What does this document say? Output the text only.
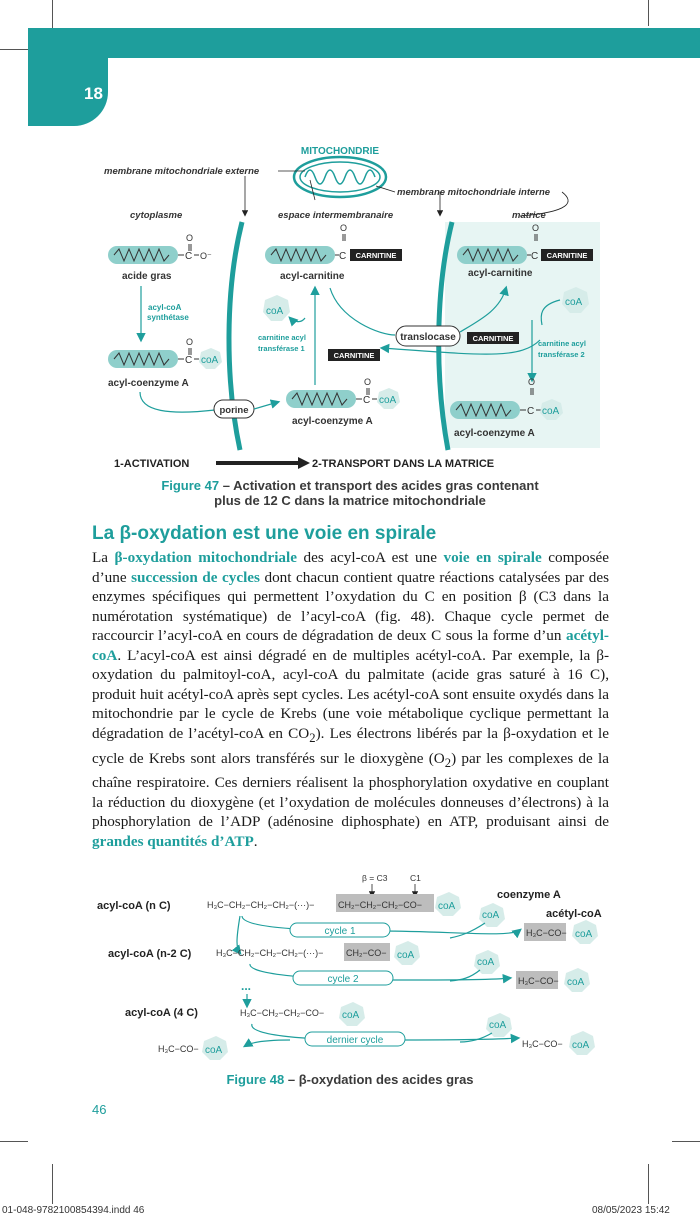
18
MITOCHONDRIE
membrane mitochondriale externe
membrane mitochondriale interne
cytoplasme	espace intermembranaire	matrice
C
O
O⁻
acide gras
acyl-coA
synthétase
C
O
coA
acyl-coenzyme A
porine
C
O
coA
acyl-coenzyme A
carnitine acyl
transférase 1
CARNITINE
coA
C
O
CARNITINE
acyl-carnitine
translocase CARNITINE
C
O
CARNITINE
acyl-carnitine
coA
carnitine acyl
transférase 2
C
O
coA
acyl-coenzyme A
1-ACTIVATION	2-TRANSPORT DANS LA MATRICE
Figure 47 – Activation et transport des acides gras contenant
plus de 12 C dans la matrice mitochondriale
La β-oxydation est une voie en spirale

La β-oxydation mitochondriale des acyl-coA est une voie en spirale composée d’une succession de cycles dont chacun contient quatre réactions catalysées par des enzymes spécifiques qui permettent l’oxydation du C en position β (C3 dans la numérotation systématique) de l’acyl-coA (fig. 48). Chaque cycle permet de raccourcir l’acyl-coA en cours de dégradation de deux C sous la forme d’un acétyl-coA. L’acyl-coA est ainsi dégradé en de multiples acétyl-coA. Par exemple, la β-oxydation du palmitoyl-coA, acyl-coA du palmitate (acide gras saturé à 16 C), produit huit acétyl-coA après sept cycles. Les acétyl-coA sont ensuite oxydés dans la mitochondrie par le cycle de Krebs (une voie métabolique cyclique permettant la dégradation de l’acétyl-coA en $CO_2$). Les électrons libérés par la β-oxydation et le cycle de Krebs sont alors transférés sur le dioxygène $(O_2)$ par les complexes de la chaîne respiratoire. Ces derniers réalisent la phosphorylation oxydative en couplant la réduction du dioxygène (et l’oxydation de molécules donneuses d’électrons) à la phosphorylation de l’ADP (adénosine diphosphate) en ATP, produisant ainsi de grandes quantités d’ATP.

acyl-coA (n C)
acyl-coA (n-2 C)
acyl-coA (4 C)
β = C3	C1
H₃C−CH₂−CH₂−CH₂−(···)−	CH₂−CH₂−CH₂−CO− coA
coenzyme A
coA	acétyl-coA
cycle 1	H₃C−CO− coA
H₃C−CH₂−CH₂−CH₂−(···)−	CH₂−CO− coA
coA
cycle 2	H₃C−CO− coA
...
H₃C−CH₂−CH₂−CO− coA
coA
dernier cycle
H₃C−CO− coA
H₃C−CO− coA
Figure 48 – β-oxydation des acides gras
46
01-048-9782100854394.indd 46	08/05/2023 15:42
